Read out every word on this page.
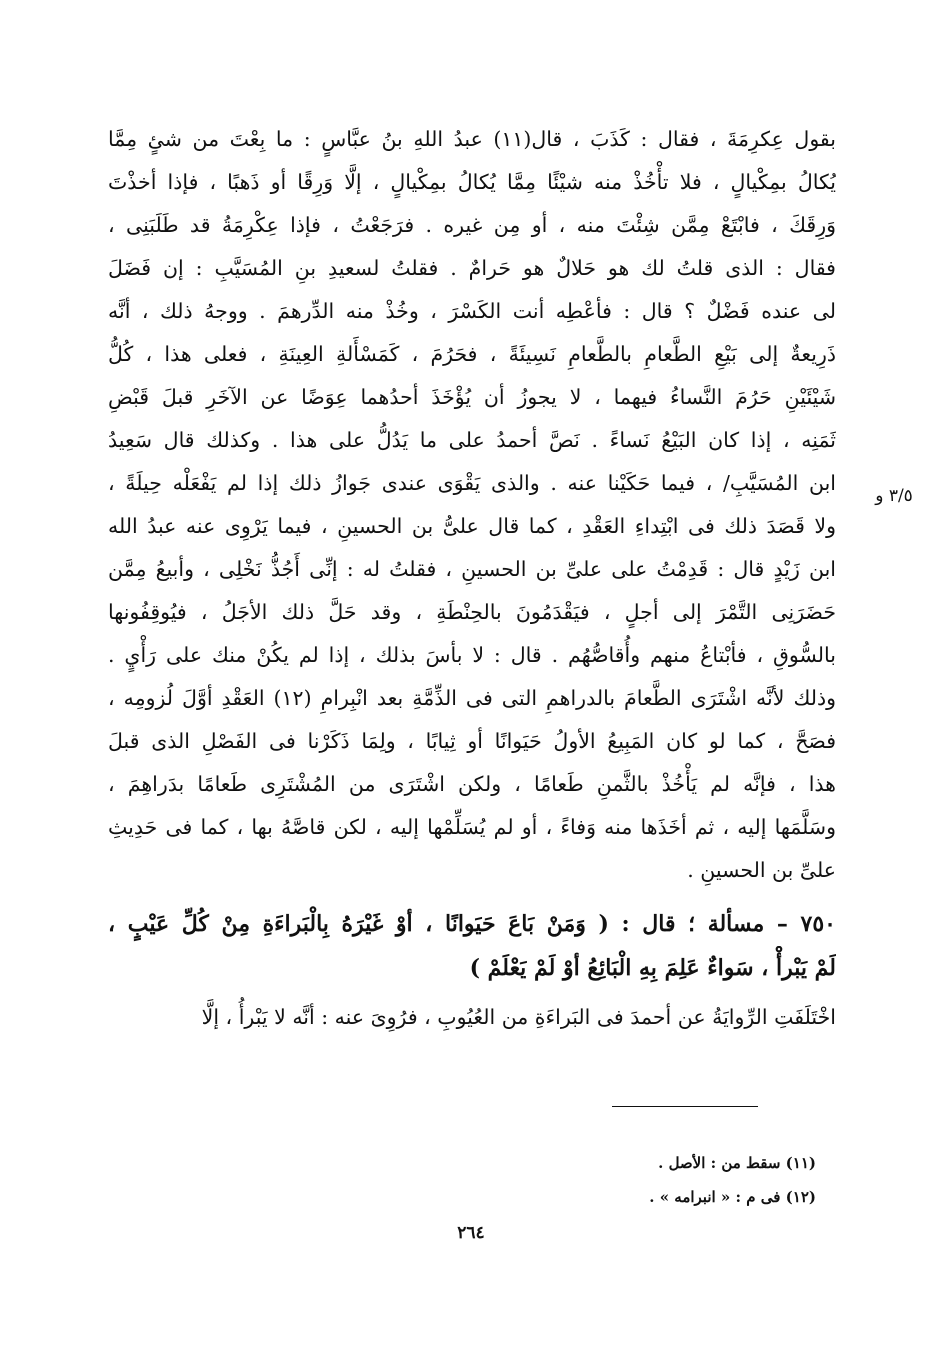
بقول عِكرِمَةَ ، فقال : كَذَبَ ، قال(١١) عبدُ اللهِ بنُ عبَّاسٍ : ما بِعْتَ من شئٍ مِمَّا
يُكالُ بمِكْيالٍ ، فلا تأْخُذْ منه شيْئًا مِمَّا يُكالُ بمِكْيالٍ ، إلَّا وَرِقًا أو ذَهبًا ، فإذا أخذْتَ
وَرِقَكَ ، فابْتَعْ مِمَّن شِئْتَ منه ، أو مِن غيره . فرَجَعْتُ ، فإذا عِكْرِمَةُ قد طَلَبَنِى ،
فقال : الذى قلتُ لك هو حَلالٌ هو حَرامٌ . فقلتُ لسعيدِ بنِ المُسَيَّبِ : إن فَضَلَ
لى عنده فَضْلٌ ؟ قال : فأعْطِه أنت الكَسْرَ ، وخُذْ منه الدِّرهمَ . ووجهُ ذلك ، أنَّه
ذَرِيعةٌ إلى بَيْعِ الطَّعامِ بالطَّعامِ نَسِيئَةً ، فحَرُمَ ، كَمَسْأَلةِ العِينَةِ ، فعلى هذا ، كُلُّ
شَيْئَيْنِ حَرُمَ النَّساءُ فيهما ، لا يجوزُ أن يُؤْخَذَ أحدُهما عِوَضًا عن الآخَرِ قبلَ قَبْضِ
ثَمَنِه ، إذا كان البَيْعُ نَساءً . نَصَّ أحمدُ على ما يَدُلُّ على هذا . وكذلك قال سَعِيدُ
ابن المُسَيَّبِ/ ، فيما حَكَيْنا عنه . والذى يَقْوَى عندى جَوازُ ذلك إذا لم يَفْعَلْه حِيلَةً ،
ولا قَصَدَ ذلك فى ابْتِداءِ العَقْدِ ، كما قال علىُّ بن الحسينِ ، فيما يَرْوِى عنه عبدُ الله
ابن زَيْدٍ قال : قَدِمْتُ على علىِّ بن الحسينِ ، فقلتُ له : إنِّى أَجُذُّ نَخْلِى ، وأبيعُ مِمَّن
حَضَرَنِى التَّمْرَ إلى أجلٍ ، فيَقْدَمُونَ بالحِنْطَةِ ، وقد حَلَّ ذلك الأجَلُ ، فيُوقِفُونها
بالسُّوقِ ، فأبْتاعُ منهم وأُقاصُّهُم . قال : لا بأسَ بذلك ، إذا لم يكُنْ منك على رَأْيٍ .
وذلك لأنَّه اشْتَرَى الطَّعامَ بالدراهمِ التى فى الذِّمَّةِ بعد انْبِرامِ (١٢) العَقْدِ أوَّلَ لُزومِه ،
فصَحَّ ، كما لو كان المَبِيعُ الأولُ حَيَوانًا أو ثِيابًا ، ولِمَا ذَكَرْنا فى الفَصْلِ الذى قبلَ
هذا ، فإنَّه لم يَأْخُذْ بالثَّمنِ طَعامًا ، ولكن اشْتَرَى من المُشْتَرِى طَعامًا بدَراهِمَ ،
وسَلَّمَها إليه ، ثم أخَذَها منه وَفاءً ، أو لم يُسَلِّمْها إليه ، لكن قاصَّهُ بها ، كما فى حَدِيثِ
علىِّ بن الحسينِ .
٧٥٠ – مسألة ؛ قال : ( وَمَنْ بَاعَ حَيَوانًا ، أوْ غَيْرَهُ بِالْبَراءَةِ مِنْ كُلِّ عَيْبٍ ،
لَمْ يَبْرأْ ، سَواءٌ عَلِمَ بِهِ الْبَائِعُ أوْ لَمْ يَعْلَمْ )
اخْتَلَفَتِ الرِّوايَةُ عن أحمدَ فى البَراءَةِ من العُيُوبِ ، فرُوِىَ عنه : أنَّه لا يَبْرأُ ، إلَّا
٣/٥ و
(١١) سقط من : الأصل .
(١٢) فى م : « انبرامه » .
٢٦٤
